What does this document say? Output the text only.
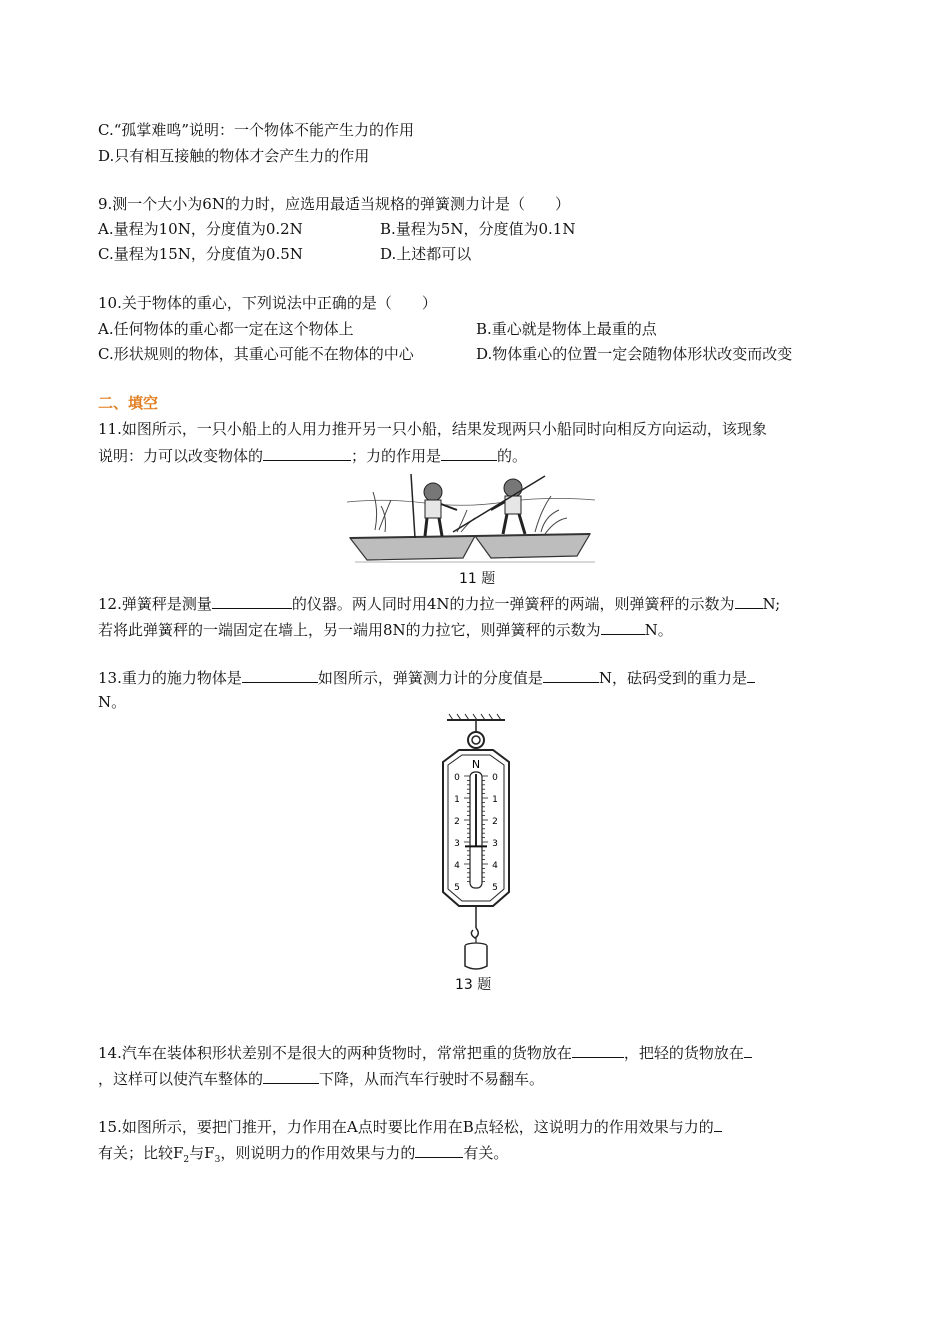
C.“孤掌难鸣”说明：一个物体不能产生力的作用
D.只有相互接触的物体才会产生力的作用
9.测一个大小为6N的力时，应选用最适当规格的弹簧测力计是（　　）
A.量程为10N，分度值为0.2N	B.量程为5N，分度值为0.1N
C.量程为15N，分度值为0.5N	D.上述都可以
10.关于物体的重心，下列说法中正确的是（　　）
A.任何物体的重心都一定在这个物体上	B.重心就是物体上最重的点
C.形状规则的物体，其重心可能不在物体的中心	D.物体重心的位置一定会随物体形状改变而改变
二、填空
11.如图所示，一只小船上的人用力推开另一只小船，结果发现两只小船同时向相反方向运动，该现象
说明：力可以改变物体的	；力的作用是	的。
11 题
12.弹簧秤是测量	的仪器。两人同时用4N的力拉一弹簧秤的两端，则弹簧秤的示数为 N;
若将此弹簧秤的一端固定在墙上，另一端用8N的力拉它，则弹簧秤的示数为	N。
13.重力的施力物体是	如图所示，弹簧测力计的分度值是	N，砝码受到的重力是
N。
N
0	0
1	1
2	2
3	3
4	4
5	5
13 题
14.汽车在装体积形状差别不是很大的两种货物时，常常把重的货物放在	，把轻的货物放在
，这样可以使汽车整体的	下降，从而汽车行驶时不易翻车。
15.如图所示，要把门推开，力作用在A点时要比作用在B点轻松，这说明力的作用效果与力的
有关；比较$F_2$与$F_3$，则说明力的作用效果与力的	有关。
